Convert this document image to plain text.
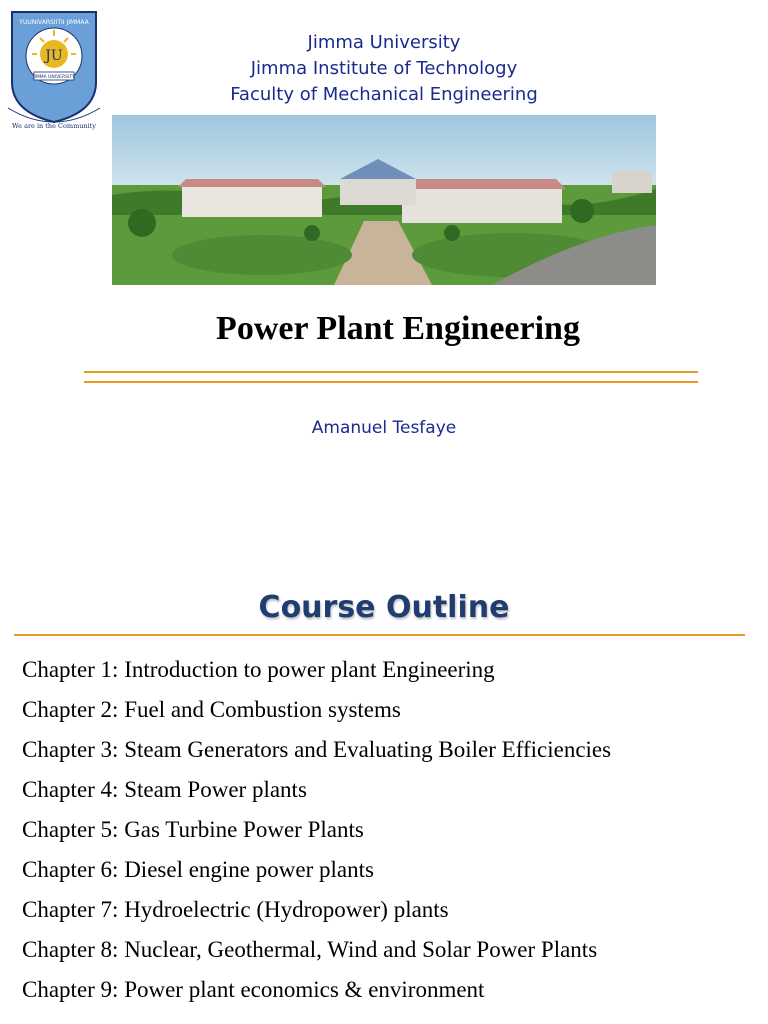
JU
JIMMA UNIVERSITY
YUUNIVARSIITII JIMMAA
We are in the Community
Jimma University
Jimma Institute of Technology
Faculty of Mechanical Engineering
Power Plant Engineering
Amanuel Tesfaye
Course Outline
Chapter 1: Introduction to power plant Engineering
Chapter 2: Fuel and Combustion systems
Chapter 3: Steam Generators and Evaluating Boiler Efficiencies
Chapter 4: Steam Power plants
Chapter 5: Gas Turbine Power Plants
Chapter 6: Diesel engine power plants
Chapter 7: Hydroelectric (Hydropower) plants
Chapter 8: Nuclear, Geothermal, Wind and Solar Power Plants
Chapter 9: Power plant economics & environment
